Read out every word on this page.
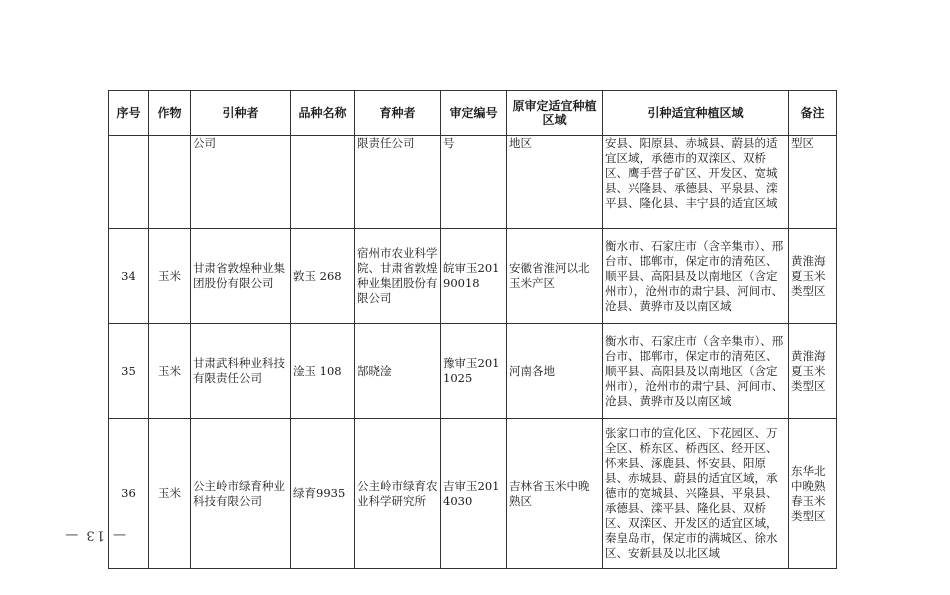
— 13 —
序号	作物	引种者	品种名称	育种者	审定编号	原审定适宜种植区域	引种适宜种植区域	备注

		公司		限责任公司	号	地区	安县、阳原县、赤城县、蔚县的适宜区域，承德市的双滦区、双桥区、鹰手营子矿区、开发区、宽城县、兴隆县、承德县、平泉县、滦平县、隆化县、丰宁县的适宜区域	型区
34	玉米	甘肃省敦煌种业集团股份有限公司	敦玉 268	宿州市农业科学院、甘肃省敦煌种业集团股份有限公司	皖审玉20190018	安徽省淮河以北玉米产区	衡水市、石家庄市（含辛集市）、邢台市、邯郸市，保定市的清苑区、顺平县、高阳县及以南地区（含定州市），沧州市的肃宁县、河间市、沧县、黄骅市及以南区域	黄淮海夏玉米类型区

35	玉米	甘肃武科种业科技有限责任公司	淦玉 108	郜晓淦	豫审玉2011025	河南各地	衡水市、石家庄市（含辛集市）、邢台市、邯郸市，保定市的清苑区、顺平县、高阳县及以南地区（含定州市），沧州市的肃宁县、河间市、沧县、黄骅市及以南区域	黄淮海夏玉米类型区

36	玉米	公主岭市绿育种业科技有限公司	绿育9935	公主岭市绿育农业科学研究所	吉审玉2014030	吉林省玉米中晚熟区	张家口市的宣化区、下花园区、万全区、桥东区、桥西区、经开区、怀来县、涿鹿县、怀安县、阳原县、赤城县、蔚县的适宜区域，承德市的宽城县、兴隆县、平泉县、承德县、滦平县、隆化县、双桥区、双滦区、开发区的适宜区域，秦皇岛市，保定市的满城区、徐水区、安新县及以北区域	东华北中晚熟春玉米类型区
